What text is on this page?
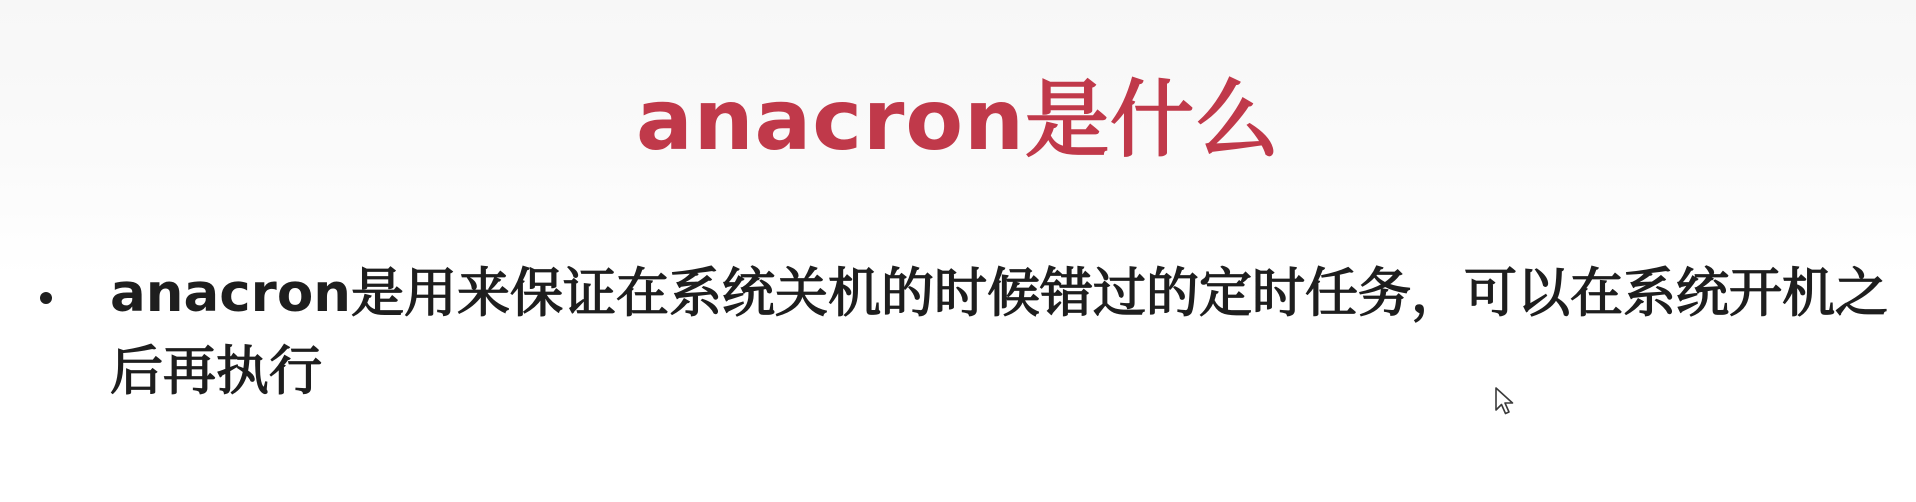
anacron是什么
anacron是用来保证在系统关机的时候错过的定时任务，可以在系统开机之后再执行
